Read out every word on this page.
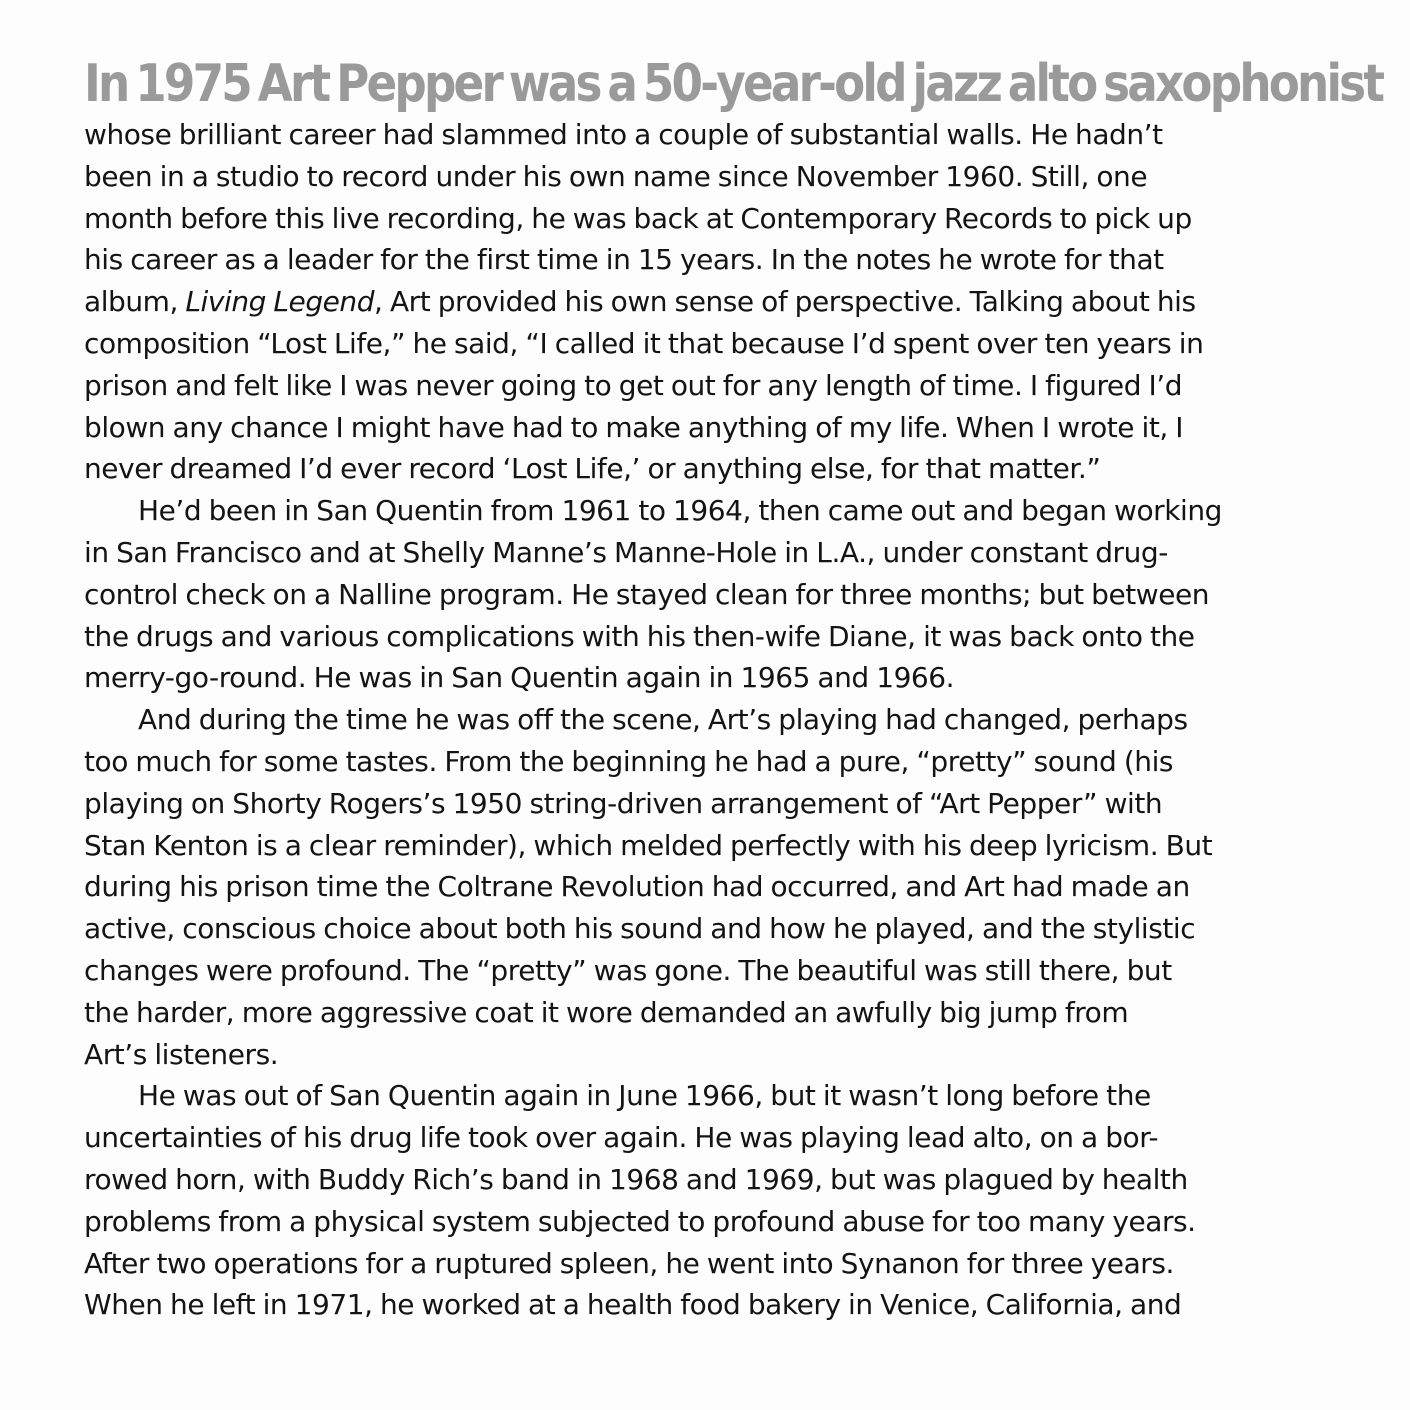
In 1975 Art Pepper was a 50-year-old jazz alto saxophonist
whose brilliant career had slammed into a couple of substantial walls. He hadn’t
been in a studio to record under his own name since November 1960. Still, one
month before this live recording, he was back at Contemporary Records to pick up
his career as a leader for the first time in 15 years. In the notes he wrote for that
album, Living Legend, Art provided his own sense of perspective. Talking about his
composition “Lost Life,” he said, “I called it that because I’d spent over ten years in
prison and felt like I was never going to get out for any length of time. I figured I’d
blown any chance I might have had to make anything of my life. When I wrote it, I
never dreamed I’d ever record ‘Lost Life,’ or anything else, for that matter.”
He’d been in San Quentin from 1961 to 1964, then came out and began working
in San Francisco and at Shelly Manne’s Manne-Hole in L.A., under constant drug-
control check on a Nalline program. He stayed clean for three months; but between
the drugs and various complications with his then-wife Diane, it was back onto the
merry-go-round. He was in San Quentin again in 1965 and 1966.
And during the time he was off the scene, Art’s playing had changed, perhaps
too much for some tastes. From the beginning he had a pure, “pretty” sound (his
playing on Shorty Rogers’s 1950 string-driven arrangement of “Art Pepper” with
Stan Kenton is a clear reminder), which melded perfectly with his deep lyricism. But
during his prison time the Coltrane Revolution had occurred, and Art had made an
active, conscious choice about both his sound and how he played, and the stylistic
changes were profound. The “pretty” was gone. The beautiful was still there, but
the harder, more aggressive coat it wore demanded an awfully big jump from
Art’s listeners.
He was out of San Quentin again in June 1966, but it wasn’t long before the
uncertainties of his drug life took over again. He was playing lead alto, on a bor-
rowed horn, with Buddy Rich’s band in 1968 and 1969, but was plagued by health
problems from a physical system subjected to profound abuse for too many years.
After two operations for a ruptured spleen, he went into Synanon for three years.
When he left in 1971, he worked at a health food bakery in Venice, California, and
